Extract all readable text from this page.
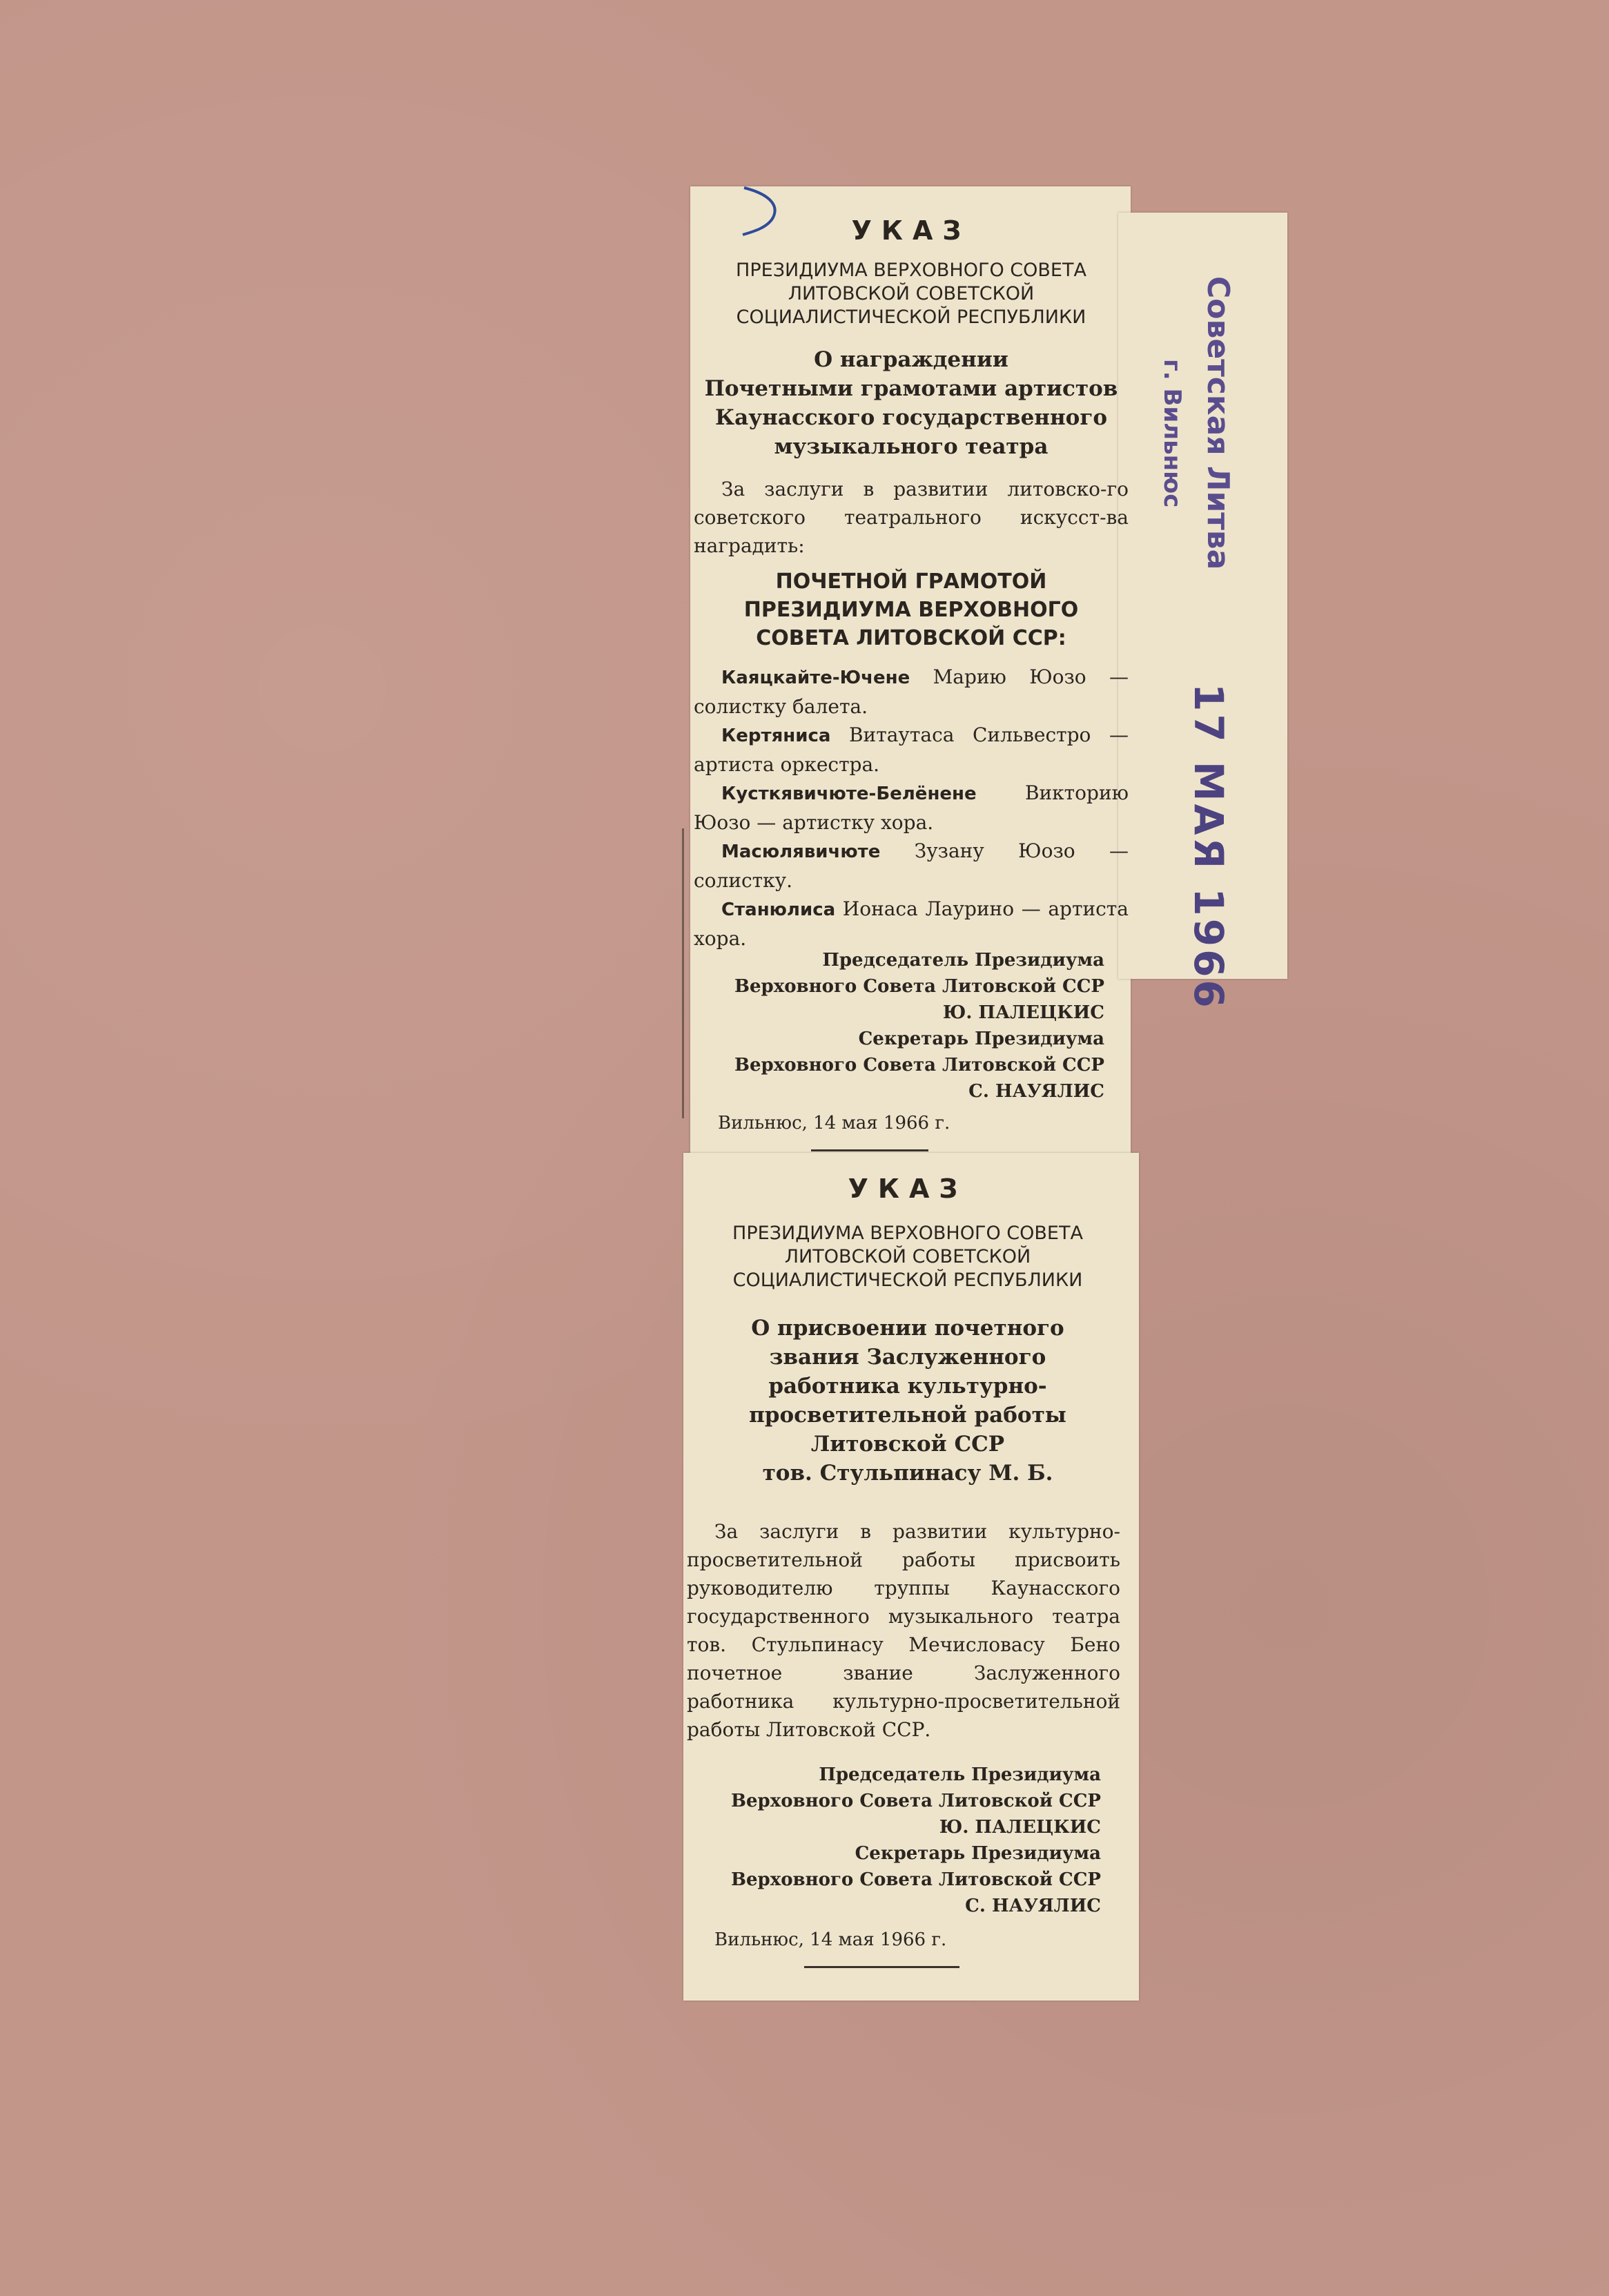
УКАЗ
ПРЕЗИДИУМА ВЕРХОВНОГО СОВЕТА
ЛИТОВСКОЙ СОВЕТСКОЙ
СОЦИАЛИСТИЧЕСКОЙ РЕСПУБЛИКИ
О награждении
Почетными грамотами артистов
Каунасского государственного
музыкального театра
За заслуги в развитии литовско-го советского театрального искусст-ва наградить:
ПОЧЕТНОЙ ГРАМОТОЙ
ПРЕЗИДИУМА ВЕРХОВНОГО
СОВЕТА ЛИТОВСКОЙ ССР:
Каяцкайте-Ючене Марию Юозо — солистку балета.
Кертяниса Витаутаса Сильвестро — артиста оркестра.
Кусткявичюте-Белёнене	Викторию Юозо — артистку хора.
Масюлявичюте Зузану Юозо — солистку.
Станюлиса Ионаса Лаурино — артиста хора.
Председатель Президиума
Верховного Совета Литовской ССР
Ю. ПАЛЕЦКИС
Секретарь Президиума
Верховного Совета Литовской ССР
С. НАУЯЛИС
Вильнюс, 14 мая 1966 г.
УКАЗ
ПРЕЗИДИУМА ВЕРХОВНОГО СОВЕТА
ЛИТОВСКОЙ СОВЕТСКОЙ
СОЦИАЛИСТИЧЕСКОЙ РЕСПУБЛИКИ
О присвоении почетного
звания Заслуженного
работника культурно-
просветительной работы
Литовской ССР
тов. Стульпинасу М. Б.
За заслуги в развитии культурно-просветительной работы присвоить руководителю труппы Каунасского государственного музыкального театра тов. Стульпинасу Мечисловасу Бено почетное звание Заслуженного работника культурно-просветительной работы Литовской ССР.
Председатель Президиума
Верховного Совета Литовской ССР
Ю. ПАЛЕЦКИС
Секретарь Президиума
Верховного Совета Литовской ССР
С. НАУЯЛИС
Вильнюс, 14 мая 1966 г.
Советская Литва
г. Вильнюс
17 МАЯ 1966
